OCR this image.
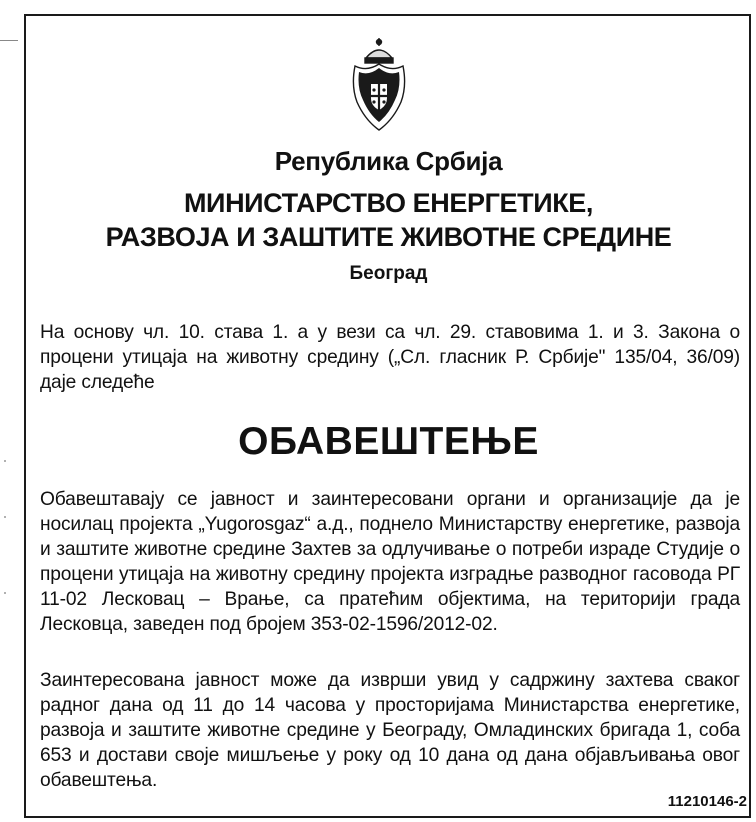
Република Србија
МИНИСТАРСТВО ЕНЕРГЕТИКЕ,
РАЗВОЈА И ЗАШТИТЕ ЖИВОТНЕ СРЕДИНЕ
Београд

На основу чл. 10. става 1. а у вези са чл. 29. ставовима 1. и 3. Закона о процени утицаја на животну средину („Сл. гласник Р. Србије" 135/04, 36/09) даје следеће

ОБАВЕШТЕЊЕ

Обавештавају се јавност и заинтересовани органи и организације да је носилац пројекта „Yugorosgaz“ а.д., поднело Министарству енергетике, развоја и заштите животне средине Захтев за одлучивање о потреби израде Студије о процени утицаја на животну средину пројекта изградње разводног гасовода РГ 11-02 Лесковац – Врање, са пратећим објектима, на територији града Лесковца, заведен под бројем 353-02-1596/2012-02.

Заинтересована јавност може да изврши увид у садржину захтева сваког радног дана од 11 до 14 часова у просторијама Министарства енергетике, развоја и заштите животне средине у Београду, Омладинских бригада 1, соба 653 и достави своје мишљење у року од 10 дана од дана објављивања овог обавештења.

11210146-2
